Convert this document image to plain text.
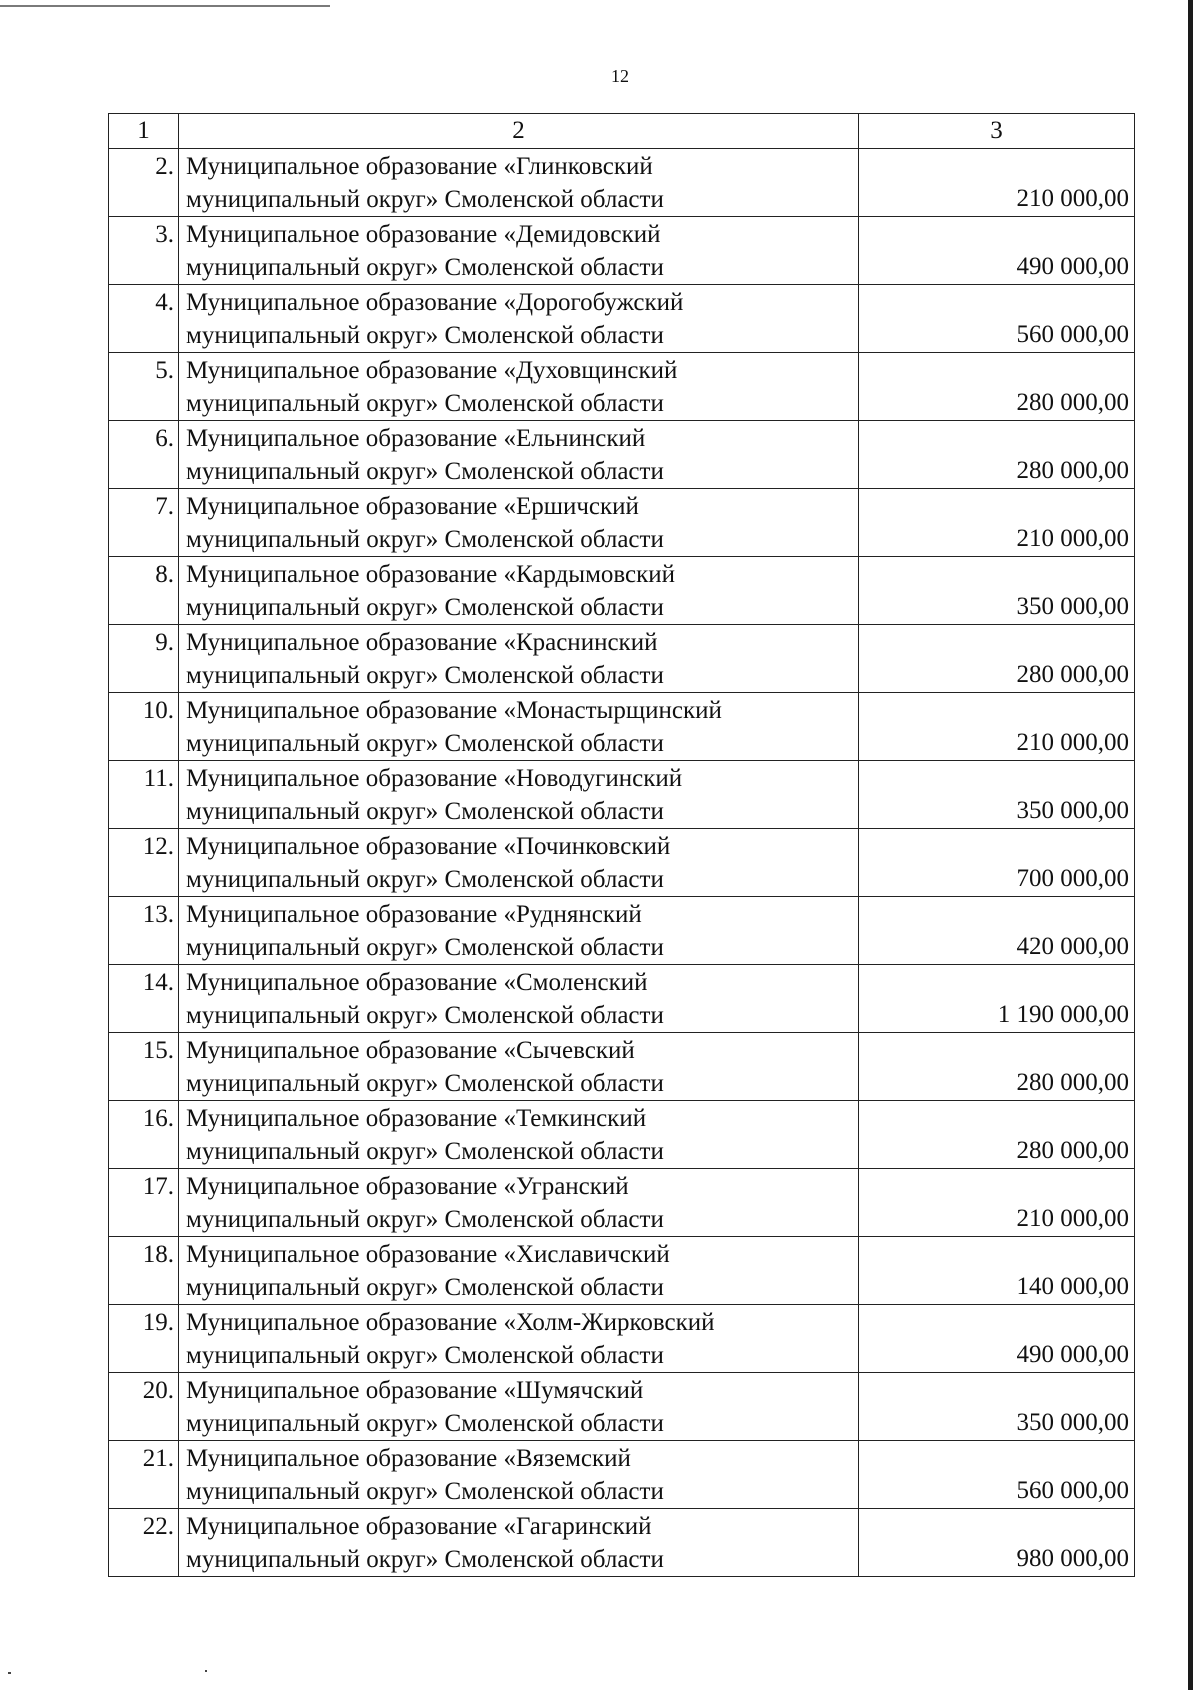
12
1	2	3
2.	Муниципальное образование «Глинковский
муниципальный округ» Смоленской области	210 000,00
3.	Муниципальное образование «Демидовский
муниципальный округ» Смоленской области	490 000,00
4.	Муниципальное образование «Дорогобужский
муниципальный округ» Смоленской области	560 000,00
5.	Муниципальное образование «Духовщинский
муниципальный округ» Смоленской области	280 000,00
6.	Муниципальное образование «Ельнинский
муниципальный округ» Смоленской области	280 000,00
7.	Муниципальное образование «Ершичский
муниципальный округ» Смоленской области	210 000,00
8.	Муниципальное образование «Кардымовский
муниципальный округ» Смоленской области	350 000,00
9.	Муниципальное образование «Краснинский
муниципальный округ» Смоленской области	280 000,00
10.	Муниципальное образование «Монастырщинский
муниципальный округ» Смоленской области	210 000,00
11.	Муниципальное образование «Новодугинский
муниципальный округ» Смоленской области	350 000,00
12.	Муниципальное образование «Починковский
муниципальный округ» Смоленской области	700 000,00
13.	Муниципальное образование «Руднянский
муниципальный округ» Смоленской области	420 000,00
14.	Муниципальное образование «Смоленский
муниципальный округ» Смоленской области	1 190 000,00
15.	Муниципальное образование «Сычевский
муниципальный округ» Смоленской области	280 000,00
16.	Муниципальное образование «Темкинский
муниципальный округ» Смоленской области	280 000,00
17.	Муниципальное образование «Угранский
муниципальный округ» Смоленской области	210 000,00
18.	Муниципальное образование «Хиславичский
муниципальный округ» Смоленской области	140 000,00
19.	Муниципальное образование «Холм-Жирковский
муниципальный округ» Смоленской области	490 000,00
20.	Муниципальное образование «Шумячский
муниципальный округ» Смоленской области	350 000,00
21.	Муниципальное образование «Вяземский
муниципальный округ» Смоленской области	560 000,00
22.	Муниципальное образование «Гагаринский
муниципальный округ» Смоленской области	980 000,00
